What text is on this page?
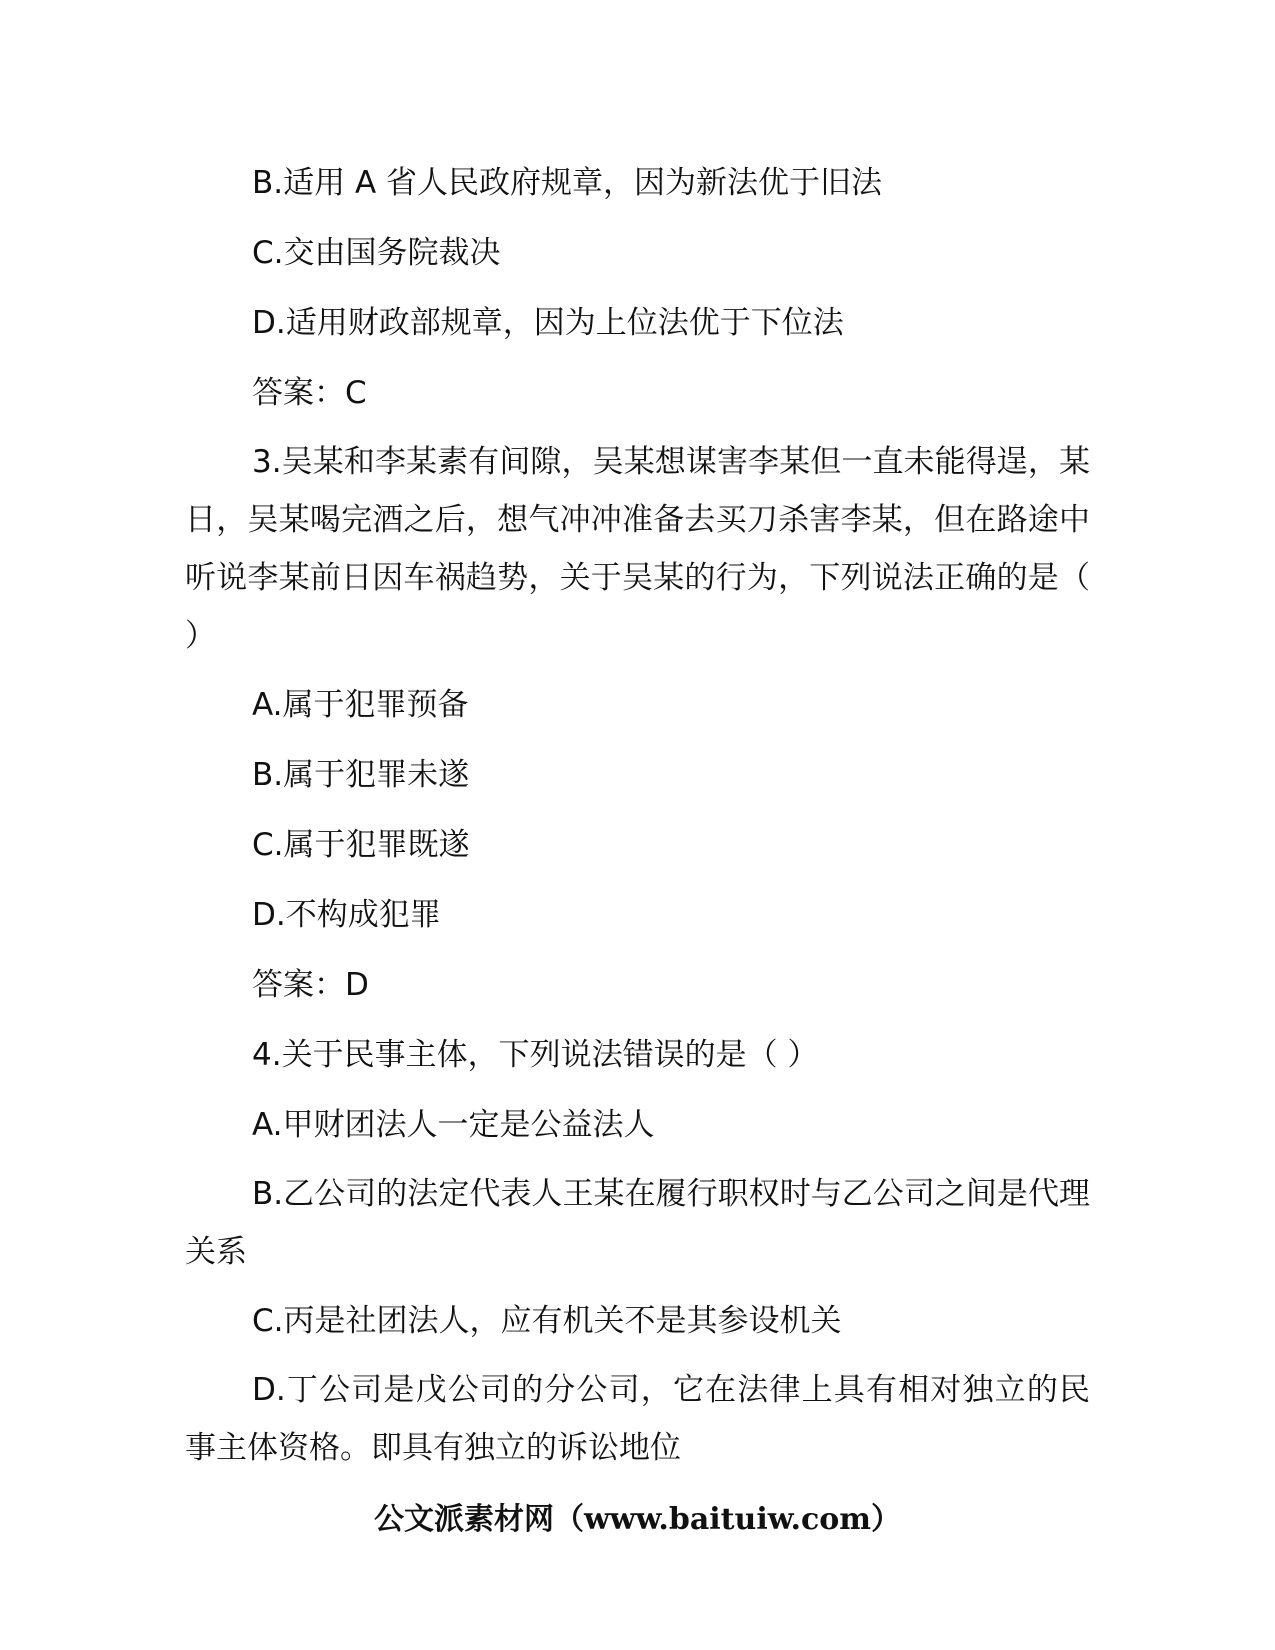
B.适用 A 省人民政府规章，因为新法优于旧法

C.交由国务院裁决

D.适用财政部规章，因为上位法优于下位法

答案：C

3.吴某和李某素有间隙，吴某想谋害李某但一直未能得逞，某日，吴某喝完酒之后，想气冲冲准备去买刀杀害李某，但在路途中听说李某前日因车祸趋势，关于吴某的行为，下列说法正确的是（ ）

A.属于犯罪预备

B.属于犯罪未遂

C.属于犯罪既遂

D.不构成犯罪

答案：D

4.关于民事主体，下列说法错误的是（ ）

A.甲财团法人一定是公益法人

B.乙公司的法定代表人王某在履行职权时与乙公司之间是代理关系

C.丙是社团法人，应有机关不是其参设机关

D.丁公司是戊公司的分公司，它在法律上具有相对独立的民事主体资格。即具有独立的诉讼地位

公文派素材网（www.baituiw.com）
